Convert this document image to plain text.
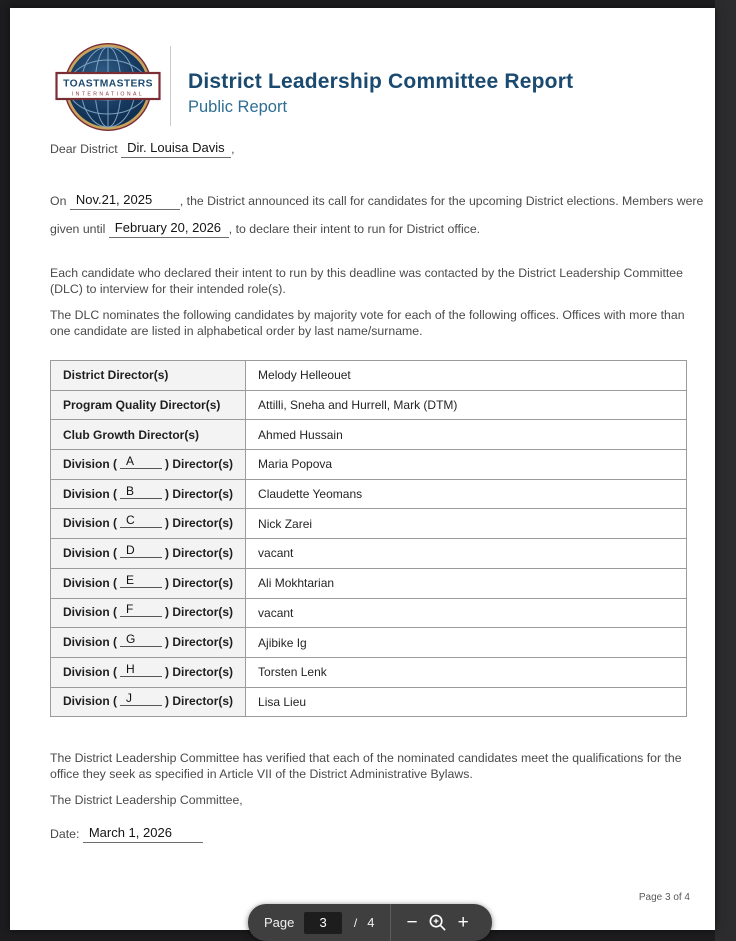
TOASTMASTERS
INTERNATIONAL
District Leadership Committee Report
Public Report
Dear District Dir. Louisa Davis ,
On Nov.21, 2025 , the District announced its call for candidates for the upcoming District elections. Members were
given until February 20, 2026 , to declare their intent to run for District office.

Each candidate who declared their intent to run by this deadline was contacted by the District Leadership Committee (DLC) to interview for their intended role(s).

The DLC nominates the following candidates by majority vote for each of the following offices. Offices with more than one candidate are listed in alphabetical order by last name/surname.

District Director(s)	Melody Helleouet
Program Quality Director(s)	Attilli, Sneha and Hurrell, Mark (DTM)
Club Growth Director(s)	Ahmed Hussain
Division ( A ) Director(s)	Maria Popova
Division ( B ) Director(s)	Claudette Yeomans
Division ( C ) Director(s)	Nick Zarei
Division ( D ) Director(s)	vacant
Division ( E ) Director(s)	Ali Mokhtarian
Division ( F ) Director(s)	vacant
Division ( G ) Director(s)	Ajibike Ig
Division ( H ) Director(s)	Torsten Lenk
Division ( J ) Director(s)	Lisa Lieu

The District Leadership Committee has verified that each of the nominated candidates meet the qualifications for the office they seek as specified in Article VII of the District Administrative Bylaws.

The District Leadership Committee,

Date: March 1, 2026
Page 3 of 4
Page	3	/ 4	−	+
